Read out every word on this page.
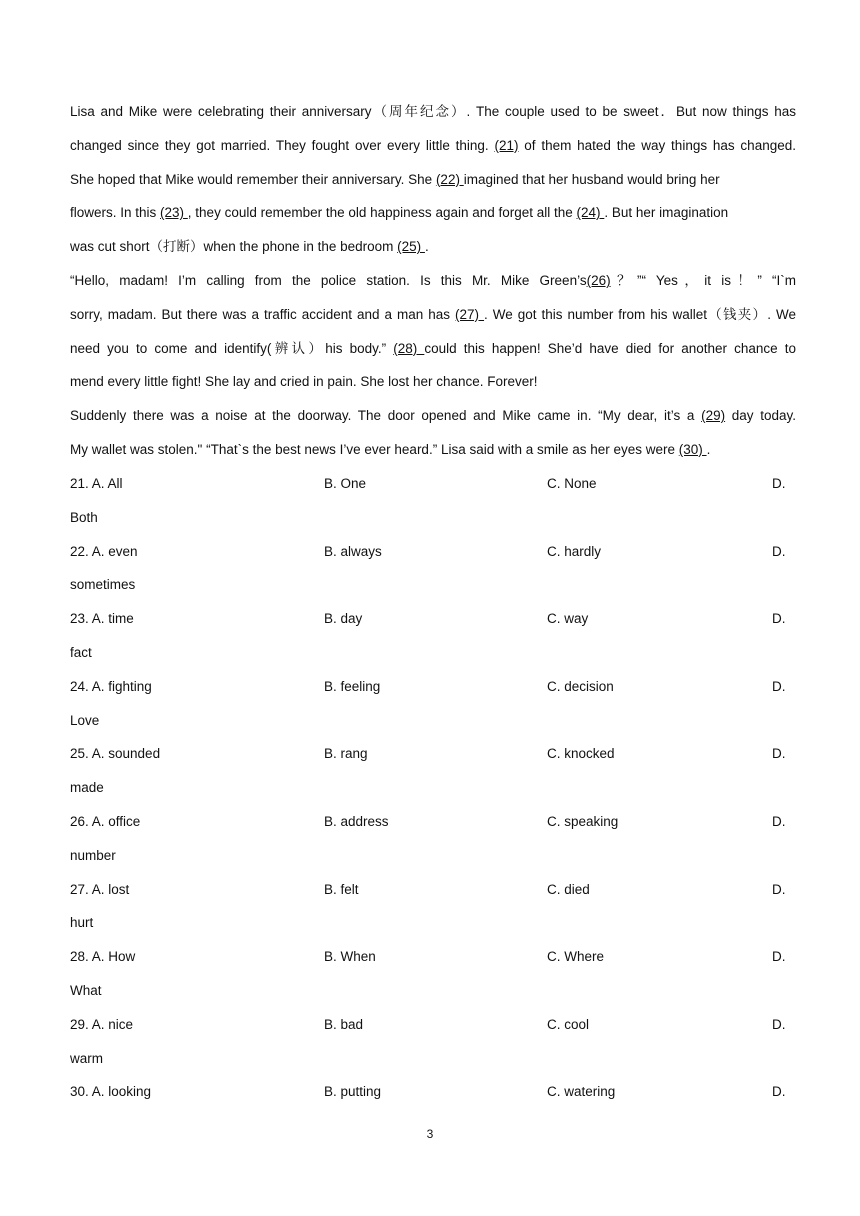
Lisa and Mike were celebrating their anniversary（周年纪念）. The couple used to be sweet．But now things has
changed since they got married. They fought over every little thing. (21) of them hated the way things has changed.
She hoped that Mike would remember their anniversary. She (22) imagined that her husband would bring her
flowers. In this (23) , they could remember the old happiness again and forget all the (24) . But her imagination
was cut short（打断）when the phone in the bedroom (25) .
“Hello, madam! I’m calling from the police station. Is this Mr. Mike Green’s(26)？”“ Yes，it is！” “I`m
sorry, madam. But there was a traffic accident and a man has (27) . We got this number from his wallet（钱夹）. We
need you to come and identify(辨认）his body.” (28) could this happen! She’d have died for another chance to
mend every little fight! She lay and cried in pain. She lost her chance. Forever!
Suddenly there was a noise at the doorway. The door opened and Mike came in. “My dear, it’s a (29) day today.
My wallet was stolen." “That`s the best news I’ve ever heard.” Lisa said with a smile as her eyes were (30) .
21. A. All	B. One	C. None	D.
Both
22. A. even	B. always	C. hardly	D.
sometimes
23. A. time	B. day	C. way	D.
fact
24. A. fighting	B. feeling	C. decision	D.
Love
25. A. sounded	B. rang	C. knocked	D.
made
26. A. office	B. address	C. speaking	D.
number
27. A. lost	B. felt	C. died	D.
hurt
28. A. How	B. When	C. Where	D.
What
29. A. nice	B. bad	C. cool	D.
warm
30. A. looking	B. putting	C. watering	D.
3
